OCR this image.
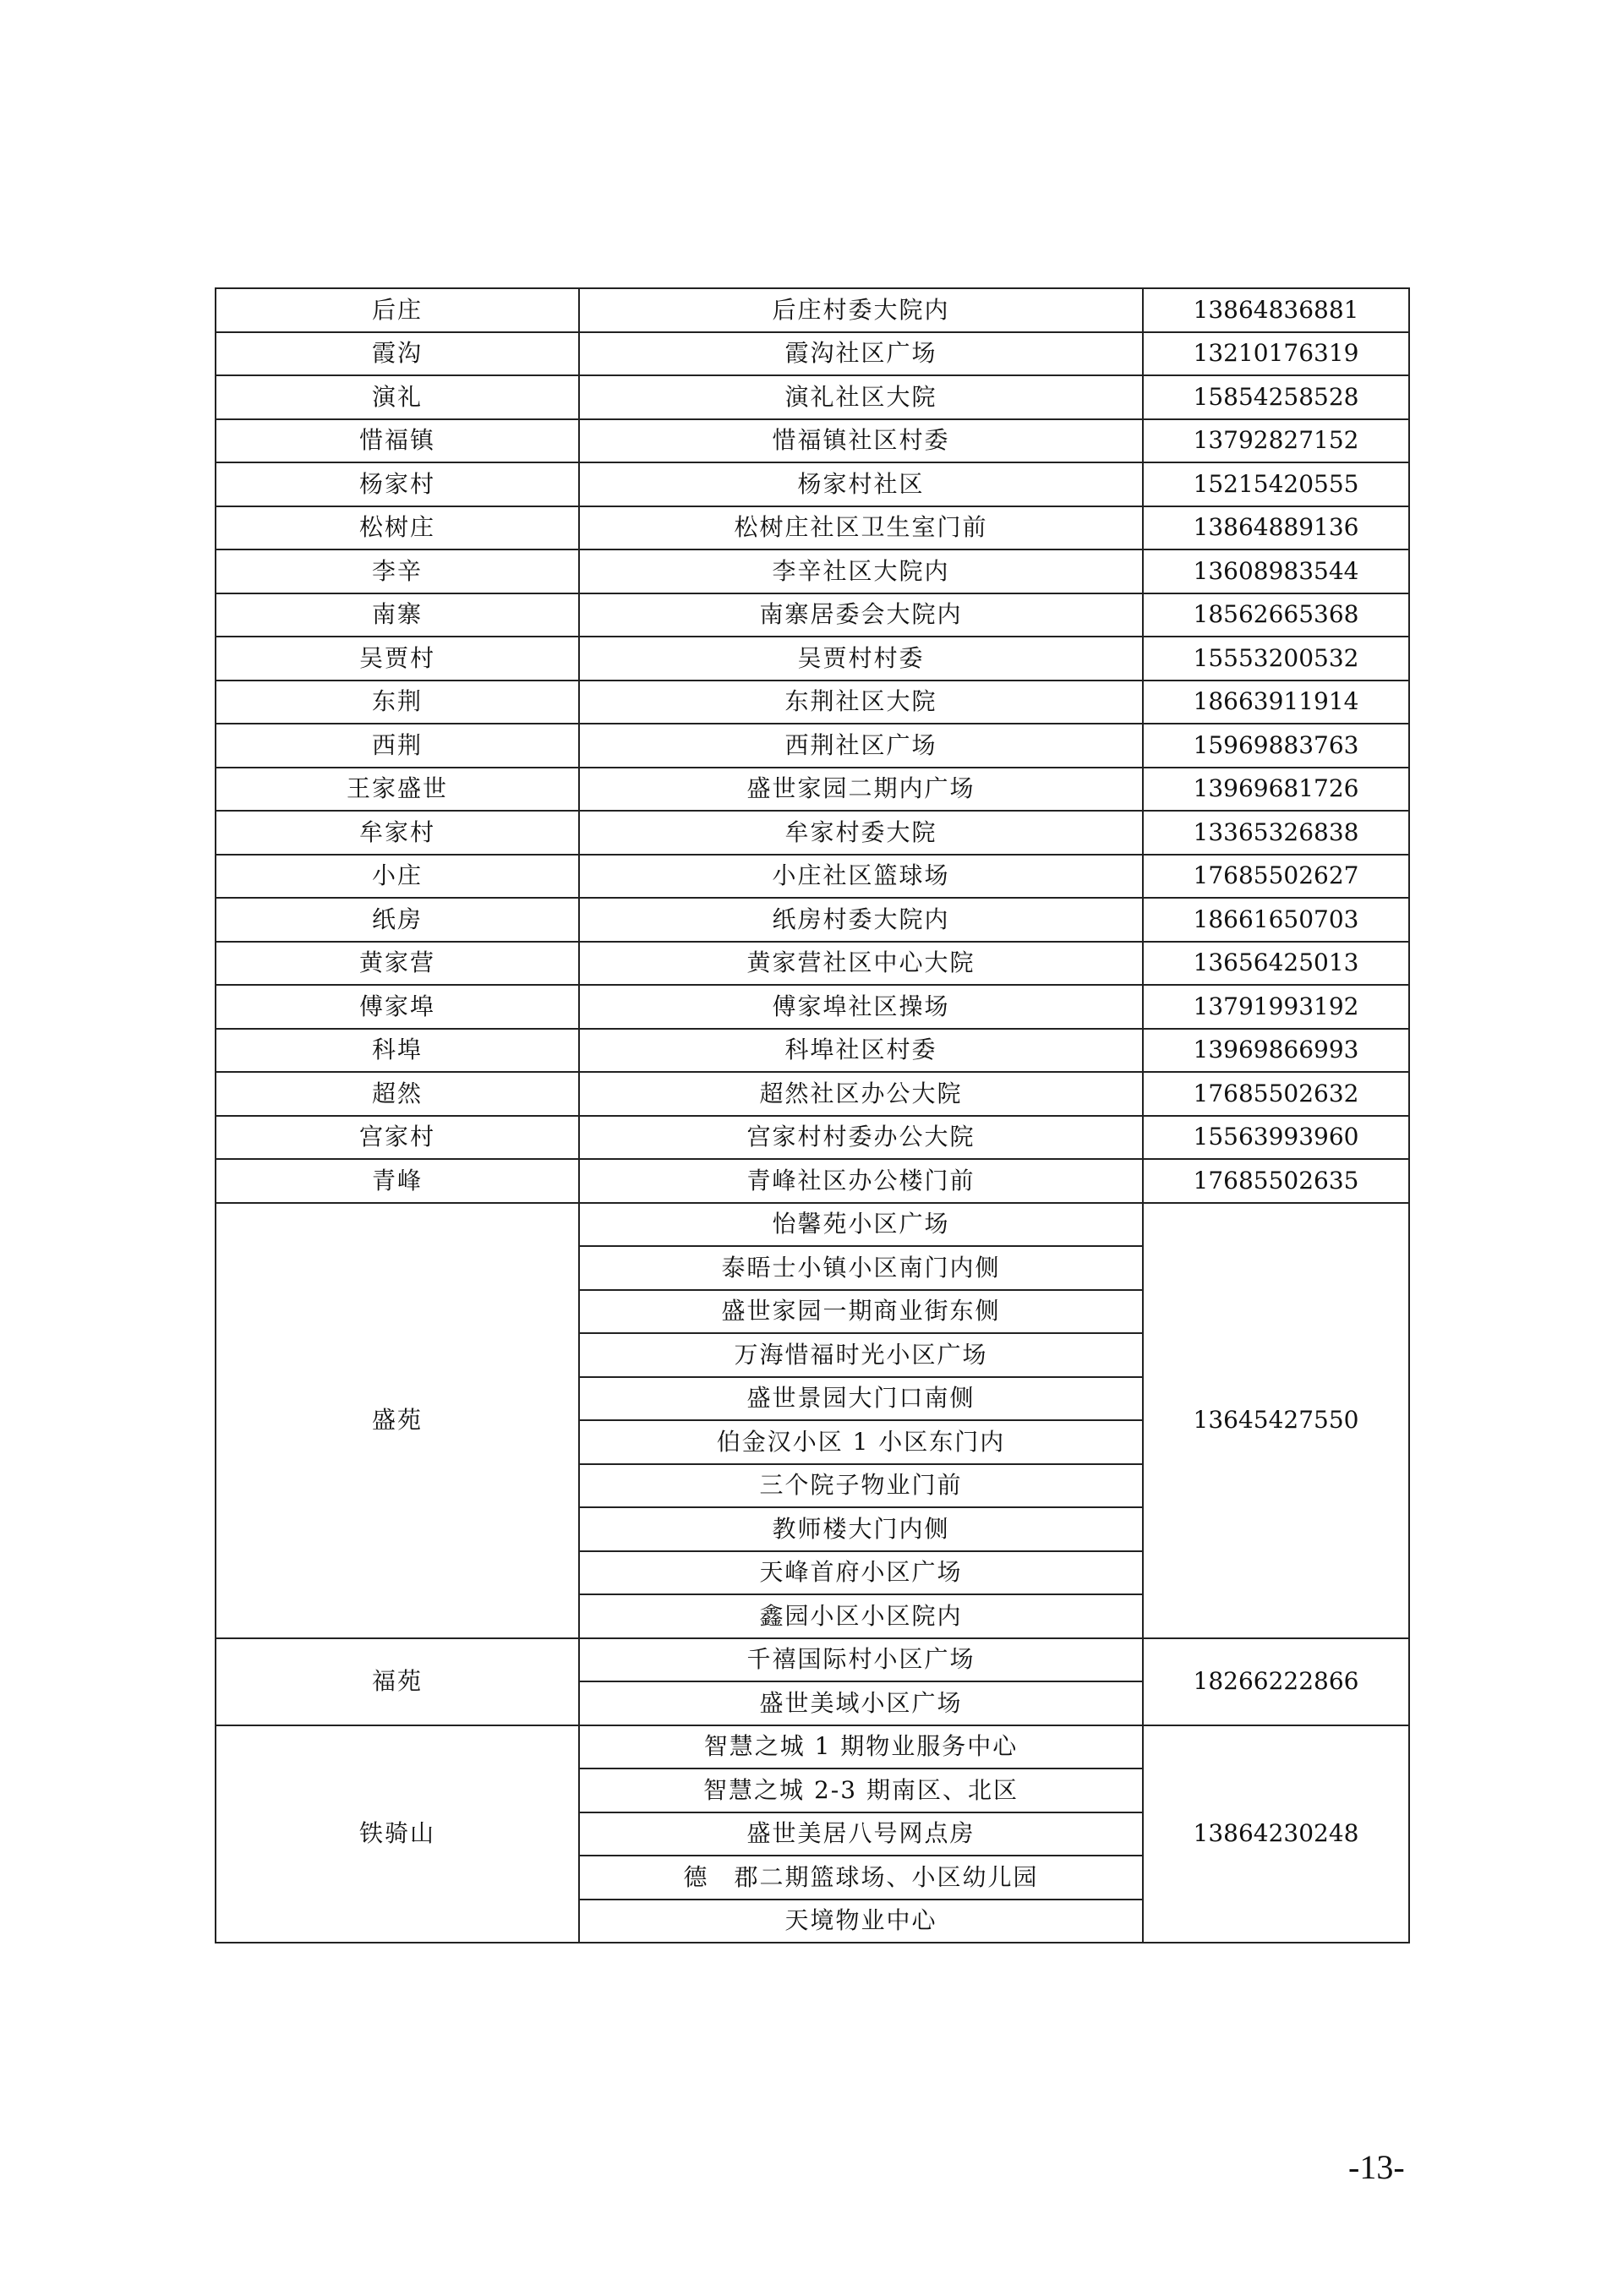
后庄	后庄村委大院内	13864836881
霞沟	霞沟社区广场	13210176319
演礼	演礼社区大院	15854258528
惜福镇	惜福镇社区村委	13792827152
杨家村	杨家村社区	15215420555
松树庄	松树庄社区卫生室门前	13864889136
李辛	李辛社区大院内	13608983544
南寨	南寨居委会大院内	18562665368
吴贾村	吴贾村村委	15553200532
东荆	东荆社区大院	18663911914
西荆	西荆社区广场	15969883763
王家盛世	盛世家园二期内广场	13969681726
牟家村	牟家村委大院	13365326838
小庄	小庄社区篮球场	17685502627
纸房	纸房村委大院内	18661650703
黄家营	黄家营社区中心大院	13656425013
傅家埠	傅家埠社区操场	13791993192
科埠	科埠社区村委	13969866993
超然	超然社区办公大院	17685502632
宫家村	宫家村村委办公大院	15563993960
青峰	青峰社区办公楼门前	17685502635
盛苑	怡馨苑小区广场	13645427550
	泰晤士小镇小区南门内侧	
	盛世家园一期商业街东侧	
	万海惜福时光小区广场	
	盛世景园大门口南侧	
	伯金汉小区 1 小区东门内	
	三个院子物业门前	
	教师楼大门内侧	
	天峰首府小区广场	
	鑫园小区小区院内	
福苑	千禧国际村小区广场	18266222866
	盛世美域小区广场	
铁骑山	智慧之城 1 期物业服务中心	13864230248
	智慧之城 2-3 期南区、北区	
	盛世美居八号网点房	
	德　郡二期篮球场、小区幼儿园	
	天境物业中心	
-13-
